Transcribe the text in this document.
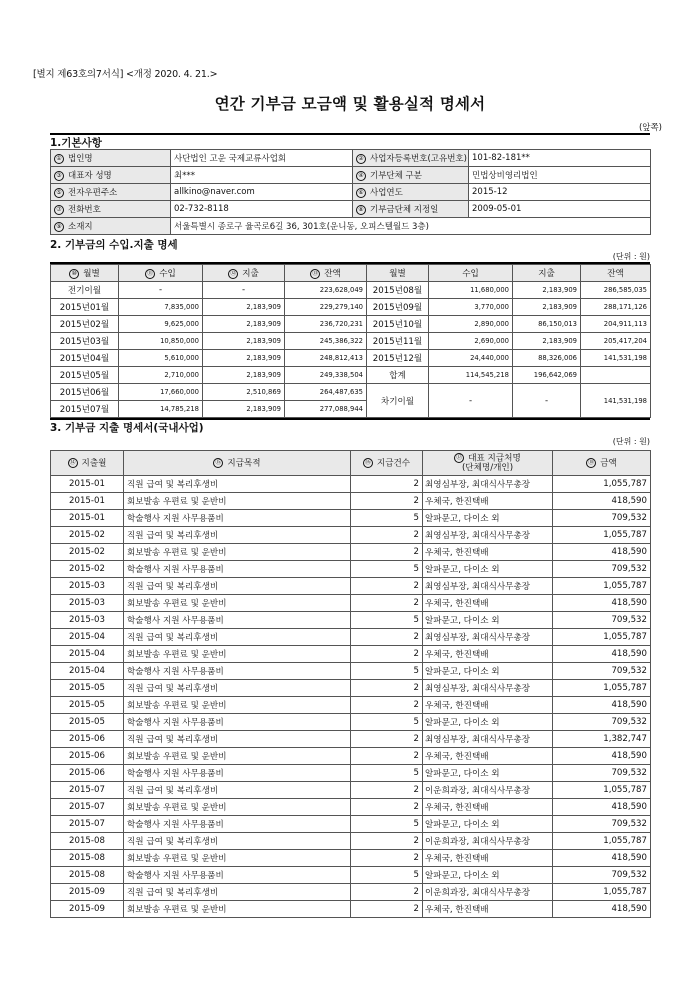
[별지 제63호의7서식] <개정 2020. 4. 21.>
연간 기부금 모금액 및 활용실적 명세서
(앞쪽)
1.기본사항
① 법인명	사단법인 고운 국제교류사업회	② 사업자등록번호(고유번호)	101-82-181**
③ 대표자 성명	최***	④ 기부단체 구분	민법상비영리법인
⑤ 전자우편주소	allkino@naver.com	⑥ 사업연도	2015-12
⑦ 전화번호	02-732-8118	⑧ 기부금단체 지정일	2009-05-01
⑨ 소재지	서울특별시 종로구 율곡로6길 36, 301호(운니동, 오피스텔월드 3층)		
2. 기부금의 수입.지출 명세
(단위 : 원)
⑩ 월별	⑪ 수입	⑫ 지출	⑬ 잔액	월별	수입	지출	잔액
전기이월	-	-	223,628,049	2015년08월	11,680,000	2,183,909	286,585,035
2015년01월	7,835,000	2,183,909	229,279,140	2015년09월	3,770,000	2,183,909	288,171,126
2015년02월	9,625,000	2,183,909	236,720,231	2015년10월	2,890,000	86,150,013	204,911,113
2015년03월	10,850,000	2,183,909	245,386,322	2015년11월	2,690,000	2,183,909	205,417,204
2015년04월	5,610,000	2,183,909	248,812,413	2015년12월	24,440,000	88,326,006	141,531,198
2015년05월	2,710,000	2,183,909	249,338,504	합계	114,545,218	196,642,069	
2015년06월	17,660,000	2,510,869	264,487,635	차기이월	-	-	141,531,198
2015년07월	14,785,218	2,183,909	277,088,944				
3. 기부금 지출 명세서(국내사업)
(단위 : 원)
⑭ 지출월	⑮ 지급목적	⑯ 지급건수	⑰ 대표 지급처명
(단체명/개인)	⑱ 금액
2015-01	직원 급여 및 복리후생비	2	최영심부장, 최대식사무총장	1,055,787
2015-01	회보발송 우편료 및 운반비	2	우체국, 한진택배	418,590
2015-01	학술행사 지원 사무용품비	5	알파문고, 다이소 외	709,532
2015-02	직원 급여 및 복리후생비	2	최영심부장, 최대식사무총장	1,055,787
2015-02	회보발송 우편료 및 운반비	2	우체국, 한진택배	418,590
2015-02	학술행사 지원 사무용품비	5	알파문고, 다이소 외	709,532
2015-03	직원 급여 및 복리후생비	2	최영심부장, 최대식사무총장	1,055,787
2015-03	회보발송 우편료 및 운반비	2	우체국, 한진택배	418,590
2015-03	학술행사 지원 사무용품비	5	알파문고, 다이소 외	709,532
2015-04	직원 급여 및 복리후생비	2	최영심부장, 최대식사무총장	1,055,787
2015-04	회보발송 우편료 및 운반비	2	우체국, 한진택배	418,590
2015-04	학술행사 지원 사무용품비	5	알파문고, 다이소 외	709,532
2015-05	직원 급여 및 복리후생비	2	최영심부장, 최대식사무총장	1,055,787
2015-05	회보발송 우편료 및 운반비	2	우체국, 한진택배	418,590
2015-05	학술행사 지원 사무용품비	5	알파문고, 다이소 외	709,532
2015-06	직원 급여 및 복리후생비	2	최영심부장, 최대식사무총장	1,382,747
2015-06	회보발송 우편료 및 운반비	2	우체국, 한진택배	418,590
2015-06	학술행사 지원 사무용품비	5	알파문고, 다이소 외	709,532
2015-07	직원 급여 및 복리후생비	2	이운희과장, 최대식사무총장	1,055,787
2015-07	회보발송 우편료 및 운반비	2	우체국, 한진택배	418,590
2015-07	학술행사 지원 사무용품비	5	알파문고, 다이소 외	709,532
2015-08	직원 급여 및 복리후생비	2	이운희과장, 최대식사무총장	1,055,787
2015-08	회보발송 우편료 및 운반비	2	우체국, 한진택배	418,590
2015-08	학술행사 지원 사무용품비	5	알파문고, 다이소 외	709,532
2015-09	직원 급여 및 복리후생비	2	이운희과장, 최대식사무총장	1,055,787
2015-09	회보발송 우편료 및 운반비	2	우체국, 한진택배	418,590
